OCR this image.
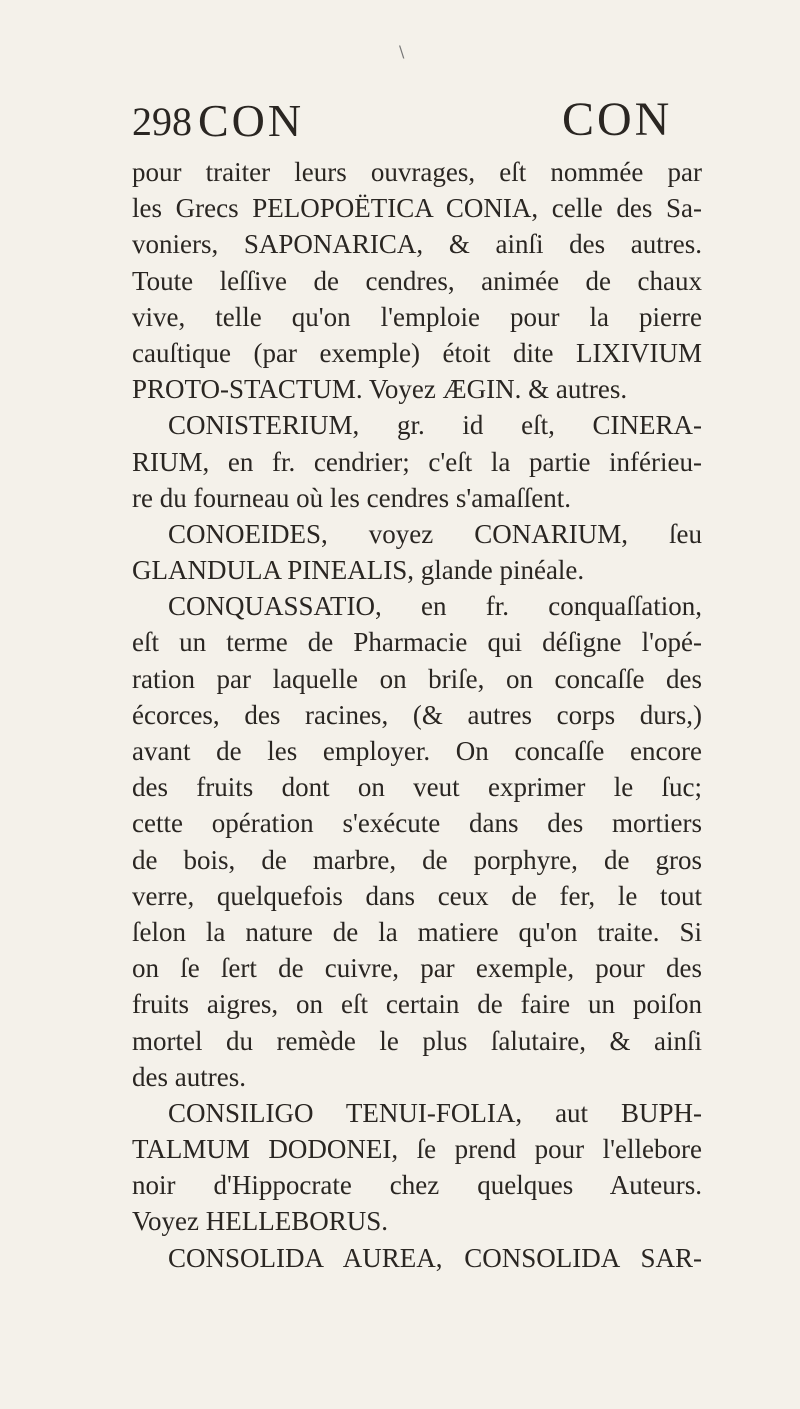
\
298 CON	CON
pour traiter leurs ouvrages, eſt nommée par
les Grecs PELOPOËTICA CONIA, celle des Sa-
voniers, SAPONARICA, & ainſi des autres.
Toute leſſive de cendres, animée de chaux
vive, telle qu'on l'emploie pour la pierre
cauſtique (par exemple) étoit dite LIXIVIUM
PROTO-STACTUM. Voyez ÆGIN. & autres.
CONISTERIUM, gr. id eſt, CINERA-
RIUM, en fr. cendrier; c'eſt la partie inférieu-
re du fourneau où les cendres s'amaſſent.
CONOEIDES, voyez CONARIUM, ſeu
GLANDULA PINEALIS, glande pinéale.
CONQUASSATIO, en fr. conquaſſation,
eſt un terme de Pharmacie qui déſigne l'opé-
ration par laquelle on briſe, on concaſſe des
écorces, des racines, (& autres corps durs,)
avant de les employer. On concaſſe encore
des fruits dont on veut exprimer le ſuc;
cette opération s'exécute dans des mortiers
de bois, de marbre, de porphyre, de gros
verre, quelquefois dans ceux de fer, le tout
ſelon la nature de la matiere qu'on traite. Si
on ſe ſert de cuivre, par exemple, pour des
fruits aigres, on eſt certain de faire un poiſon
mortel du remède le plus ſalutaire, & ainſi
des autres.
CONSILIGO TENUI-FOLIA, aut BUPH-
TALMUM DODONEI, ſe prend pour l'ellebore
noir d'Hippocrate chez quelques Auteurs.
Voyez HELLEBORUS.
CONSOLIDA AUREA, CONSOLIDA SAR-
